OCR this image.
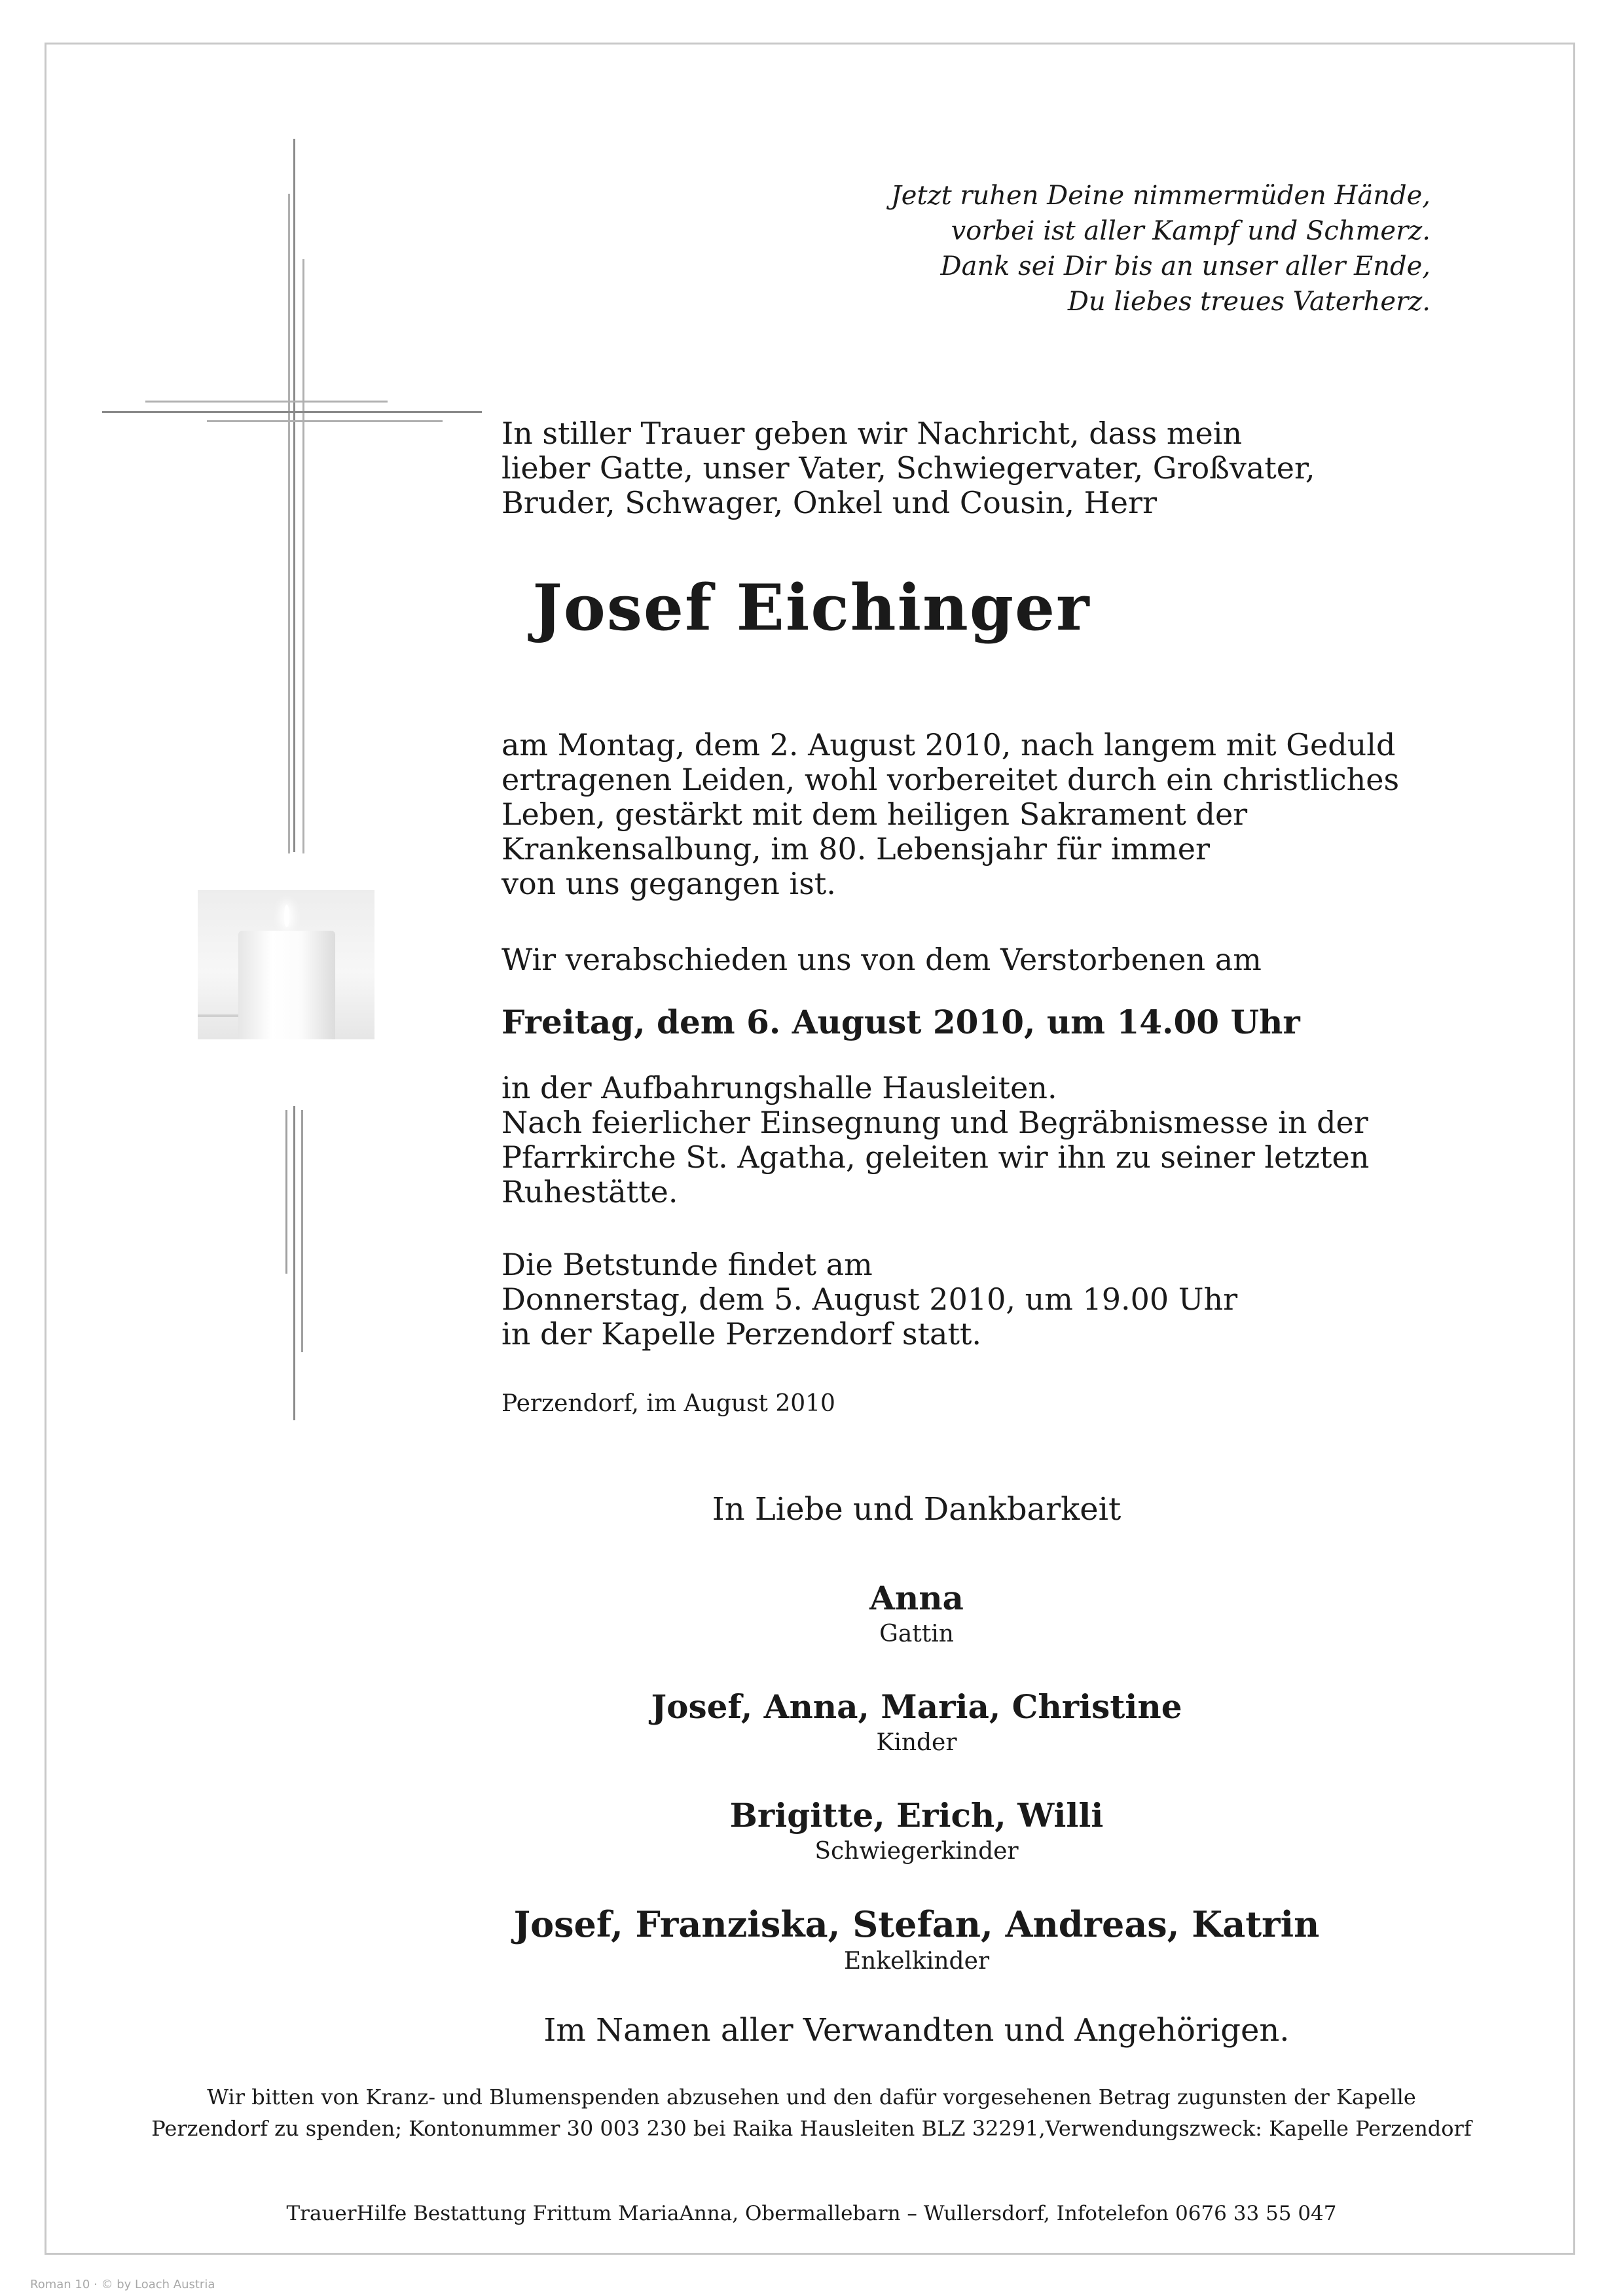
Jetzt ruhen Deine nimmermüden Hände,
vorbei ist aller Kampf und Schmerz.
Dank sei Dir bis an unser aller Ende,
Du liebes treues Vaterherz.
In stiller Trauer geben wir Nachricht, dass mein
lieber Gatte, unser Vater, Schwiegervater, Großvater,
Bruder, Schwager, Onkel und Cousin, Herr
Josef Eichinger
am Montag, dem 2. August 2010, nach langem mit Geduld
ertragenen Leiden, wohl vorbereitet durch ein christliches
Leben, gestärkt mit dem heiligen Sakrament der
Krankensalbung, im 80. Lebensjahr für immer
von uns gegangen ist.
Wir verabschieden uns von dem Verstorbenen am
Freitag, dem 6. August 2010, um 14.00 Uhr
in der Aufbahrungshalle Hausleiten.
Nach feierlicher Einsegnung und Begräbnismesse in der
Pfarrkirche St. Agatha, geleiten wir ihn zu seiner letzten
Ruhestätte.
Die Betstunde findet am
Donnerstag, dem 5. August 2010, um 19.00 Uhr
in der Kapelle Perzendorf statt.
Perzendorf, im August 2010
In Liebe und Dankbarkeit
Anna
Gattin
Josef, Anna, Maria, Christine
Kinder
Brigitte, Erich, Willi
Schwiegerkinder
Josef, Franziska, Stefan, Andreas, Katrin
Enkelkinder
Im Namen aller Verwandten und Angehörigen.
Wir bitten von Kranz- und Blumenspenden abzusehen und den dafür vorgesehenen Betrag zugunsten der Kapelle
Perzendorf zu spenden; Kontonummer 30 003 230 bei Raika Hausleiten BLZ 32291,Verwendungszweck: Kapelle Perzendorf
TrauerHilfe Bestattung Frittum MariaAnna, Obermallebarn – Wullersdorf, Infotelefon 0676 33 55 047
Roman 10 · © by Loach Austria
